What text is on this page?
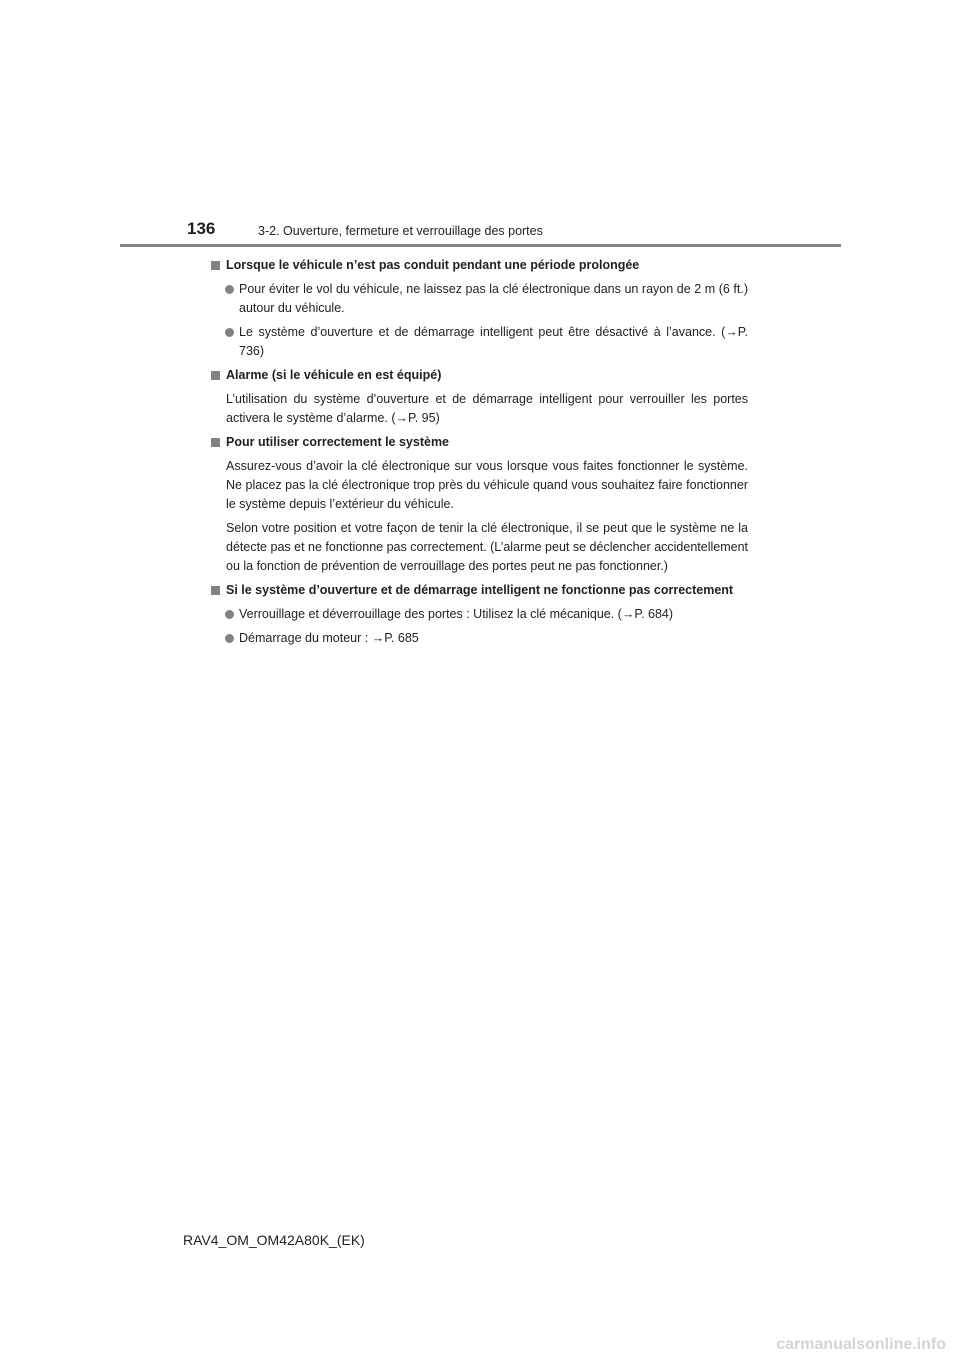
136	3-2. Ouverture, fermeture et verrouillage des portes
Lorsque le véhicule n’est pas conduit pendant une période prolongée
Pour éviter le vol du véhicule, ne laissez pas la clé électronique dans un rayon de 2 m (6 ft.) autour du véhicule.
Le système d’ouverture et de démarrage intelligent peut être désactivé à l’avance. (→P. 736)
Alarme (si le véhicule en est équipé)
L’utilisation du système d’ouverture et de démarrage intelligent pour verrouiller les portes activera le système d’alarme. (→P. 95)
Pour utiliser correctement le système
Assurez-vous d’avoir la clé électronique sur vous lorsque vous faites fonctionner le système. Ne placez pas la clé électronique trop près du véhicule quand vous souhaitez faire fonctionner le système depuis l’extérieur du véhicule.
Selon votre position et votre façon de tenir la clé électronique, il se peut que le système ne la détecte pas et ne fonctionne pas correctement. (L’alarme peut se déclencher accidentellement ou la fonction de prévention de verrouillage des portes peut ne pas fonctionner.)
Si le système d’ouverture et de démarrage intelligent ne fonctionne pas correctement
Verrouillage et déverrouillage des portes : Utilisez la clé mécanique. (→P. 684)
Démarrage du moteur : →P. 685
RAV4_OM_OM42A80K_(EK)
carmanualsonline.info
